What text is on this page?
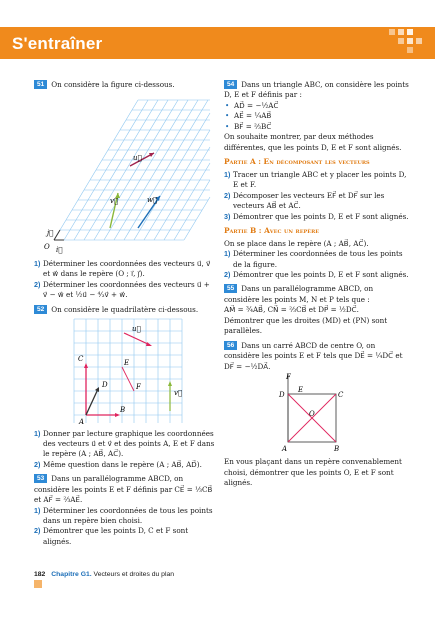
S'entraîner
51 On considère la figure ci-dessous.
u⃗
v⃗	w⃗
j⃗
i⃗
O
1) Déterminer les coordonnées des vecteurs u⃗, v⃗ et w⃗ dans le repère (O ; i⃗, j⃗).
2) Déterminer les coordonnées des vecteurs u⃗ + v⃗ − w⃗ et ½u⃗ − ⁴⁄₃v⃗ + w⃗.
52 On considère le quadrilatère ci-dessous.
A
B
C
D
E
F
u⃗
v⃗
1) Donner par lecture graphique les coordonnées des vecteurs u⃗ et v⃗ et des points A, E et F dans le repère (A ; AB⃗, AC⃗).
2) Même question dans le repère (A ; AB⃗, AD⃗).
53 Dans un parallélogramme ABCD, on considère les points E et F définis par CE⃗ = ⅓CB⃗ et AF⃗ = ⅔AE⃗.
1) Déterminer les coordonnées de tous les points dans un repère bien choisi.
2) Démontrer que les points D, C et F sont alignés.
54 Dans un triangle ABC, on considère les points D, E et F définis par :
• AD⃗ = −½AC⃗
• AE⃗ = ¼AB⃗
• BF⃗ = ⅔BC⃗
On souhaite montrer, par deux méthodes différentes, que les points D, E et F sont alignés.
Partie A : En décomposant les vecteurs
1) Tracer un triangle ABC et y placer les points D, E et F.
2) Décomposer les vecteurs EF⃗ et DF⃗ sur les vecteurs AB⃗ et AC⃗.
3) Démontrer que les points D, E et F sont alignés.
Partie B : Avec un repère
On se place dans le repère (A ; AB⃗, AC⃗).
1) Déterminer les coordonnées de tous les points de la figure.
2) Démontrer que les points D, E et F sont alignés.
55 Dans un parallélogramme ABCD, on considère les points M, N et P tels que :
AM⃗ = ¾AB⃗, CN⃗ = ⅔CB⃗ et DP⃗ = ½DC⃗.
Démontrer que les droites (MD) et (PN) sont parallèles.
56 Dans un carré ABCD de centre O, on considère les points E et F tels que DE⃗ = ¼DC⃗ et DF⃗ = −½DA⃗.
F
D
E
C
O
A	B
En vous plaçant dans un repère convenablement choisi, démontrer que les points O, E et F sont alignés.
182 Chapitre G1. Vecteurs et droites du plan
